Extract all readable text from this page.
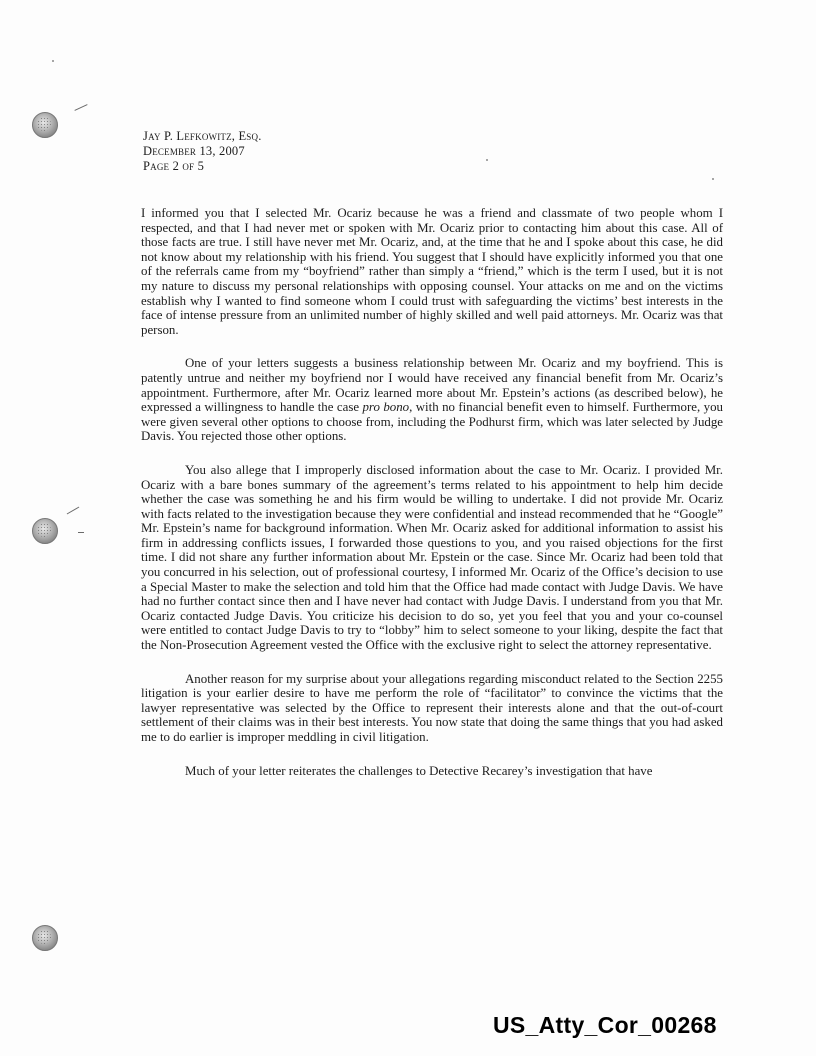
Jay P. Lefkowitz, Esq.
December 13, 2007
Page 2 of 5

I informed you that I selected Mr. Ocariz because he was a friend and classmate of two people whom I respected, and that I had never met or spoken with Mr. Ocariz prior to contacting him about this case. All of those facts are true. I still have never met Mr. Ocariz, and, at the time that he and I spoke about this case, he did not know about my relationship with his friend. You suggest that I should have explicitly informed you that one of the referrals came from my “boyfriend” rather than simply a “friend,” which is the term I used, but it is not my nature to discuss my personal relationships with opposing counsel. Your attacks on me and on the victims establish why I wanted to find someone whom I could trust with safeguarding the victims’ best interests in the face of intense pressure from an unlimited number of highly skilled and well paid attorneys. Mr. Ocariz was that person.

One of your letters suggests a business relationship between Mr. Ocariz and my boyfriend. This is patently untrue and neither my boyfriend nor I would have received any financial benefit from Mr. Ocariz’s appointment. Furthermore, after Mr. Ocariz learned more about Mr. Epstein’s actions (as described below), he expressed a willingness to handle the case pro bono, with no financial benefit even to himself. Furthermore, you were given several other options to choose from, including the Podhurst firm, which was later selected by Judge Davis. You rejected those other options.

You also allege that I improperly disclosed information about the case to Mr. Ocariz. I provided Mr. Ocariz with a bare bones summary of the agreement’s terms related to his appointment to help him decide whether the case was something he and his firm would be willing to undertake. I did not provide Mr. Ocariz with facts related to the investigation because they were confidential and instead recommended that he “Google” Mr. Epstein’s name for background information. When Mr. Ocariz asked for additional information to assist his firm in addressing conflicts issues, I forwarded those questions to you, and you raised objections for the first time. I did not share any further information about Mr. Epstein or the case. Since Mr. Ocariz had been told that you concurred in his selection, out of professional courtesy, I informed Mr. Ocariz of the Office’s decision to use a Special Master to make the selection and told him that the Office had made contact with Judge Davis. We have had no further contact since then and I have never had contact with Judge Davis. I understand from you that Mr. Ocariz contacted Judge Davis. You criticize his decision to do so, yet you feel that you and your co-counsel were entitled to contact Judge Davis to try to “lobby” him to select someone to your liking, despite the fact that the Non-Prosecution Agreement vested the Office with the exclusive right to select the attorney representative.

Another reason for my surprise about your allegations regarding misconduct related to the Section 2255 litigation is your earlier desire to have me perform the role of “facilitator” to convince the victims that the lawyer representative was selected by the Office to represent their interests alone and that the out-of-court settlement of their claims was in their best interests. You now state that doing the same things that you had asked me to do earlier is improper meddling in civil litigation.

Much of your letter reiterates the challenges to Detective Recarey’s investigation that have

US_Atty_Cor_00268
